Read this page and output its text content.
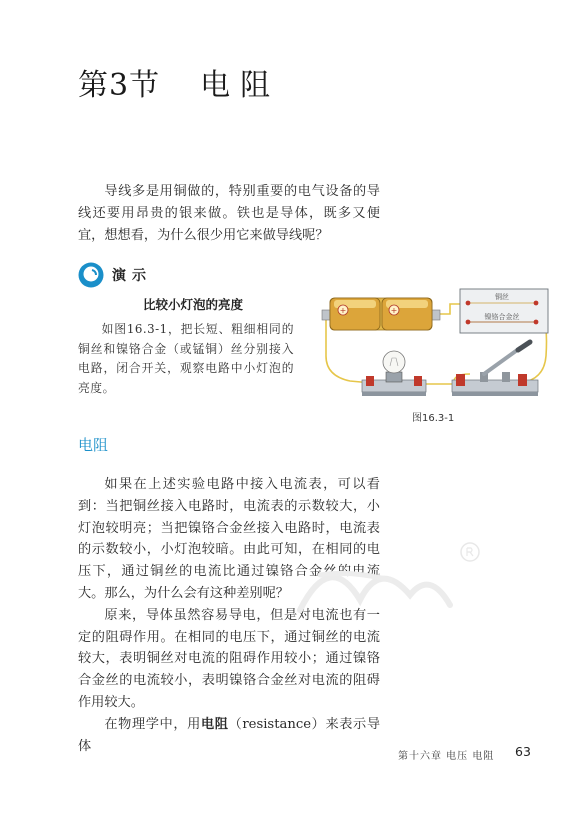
第3节 电阻

导线多是用铜做的，特别重要的电气设备的导线还要用昂贵的银来做。铁也是导体，既多又便宜，想想看，为什么很少用它来做导线呢？

演示
比较小灯泡的亮度

如图16.3-1，把长短、粗细相同的铜丝和镍铬合金（或锰铜）丝分别接入电路，闭合开关，观察电路中小灯泡的亮度。

+	+
铜丝
镍铬合金丝
图16.3-1
电阻

如果在上述实验电路中接入电流表，可以看到：当把铜丝接入电路时，电流表的示数较大，小灯泡较明亮；当把镍铬合金丝接入电路时，电流表的示数较小，小灯泡较暗。由此可知，在相同的电压下，通过铜丝的电流比通过镍铬合金丝的电流大。那么，为什么会有这种差别呢？

原来，导体虽然容易导电，但是对电流也有一定的阻碍作用。在相同的电压下，通过铜丝的电流较大，表明铜丝对电流的阻碍作用较小；通过镍铬合金丝的电流较小，表明镍铬合金丝对电流的阻碍作用较大。

在物理学中，用电阻（resistance）来表示导体

第十六章 电压 电阻 63
